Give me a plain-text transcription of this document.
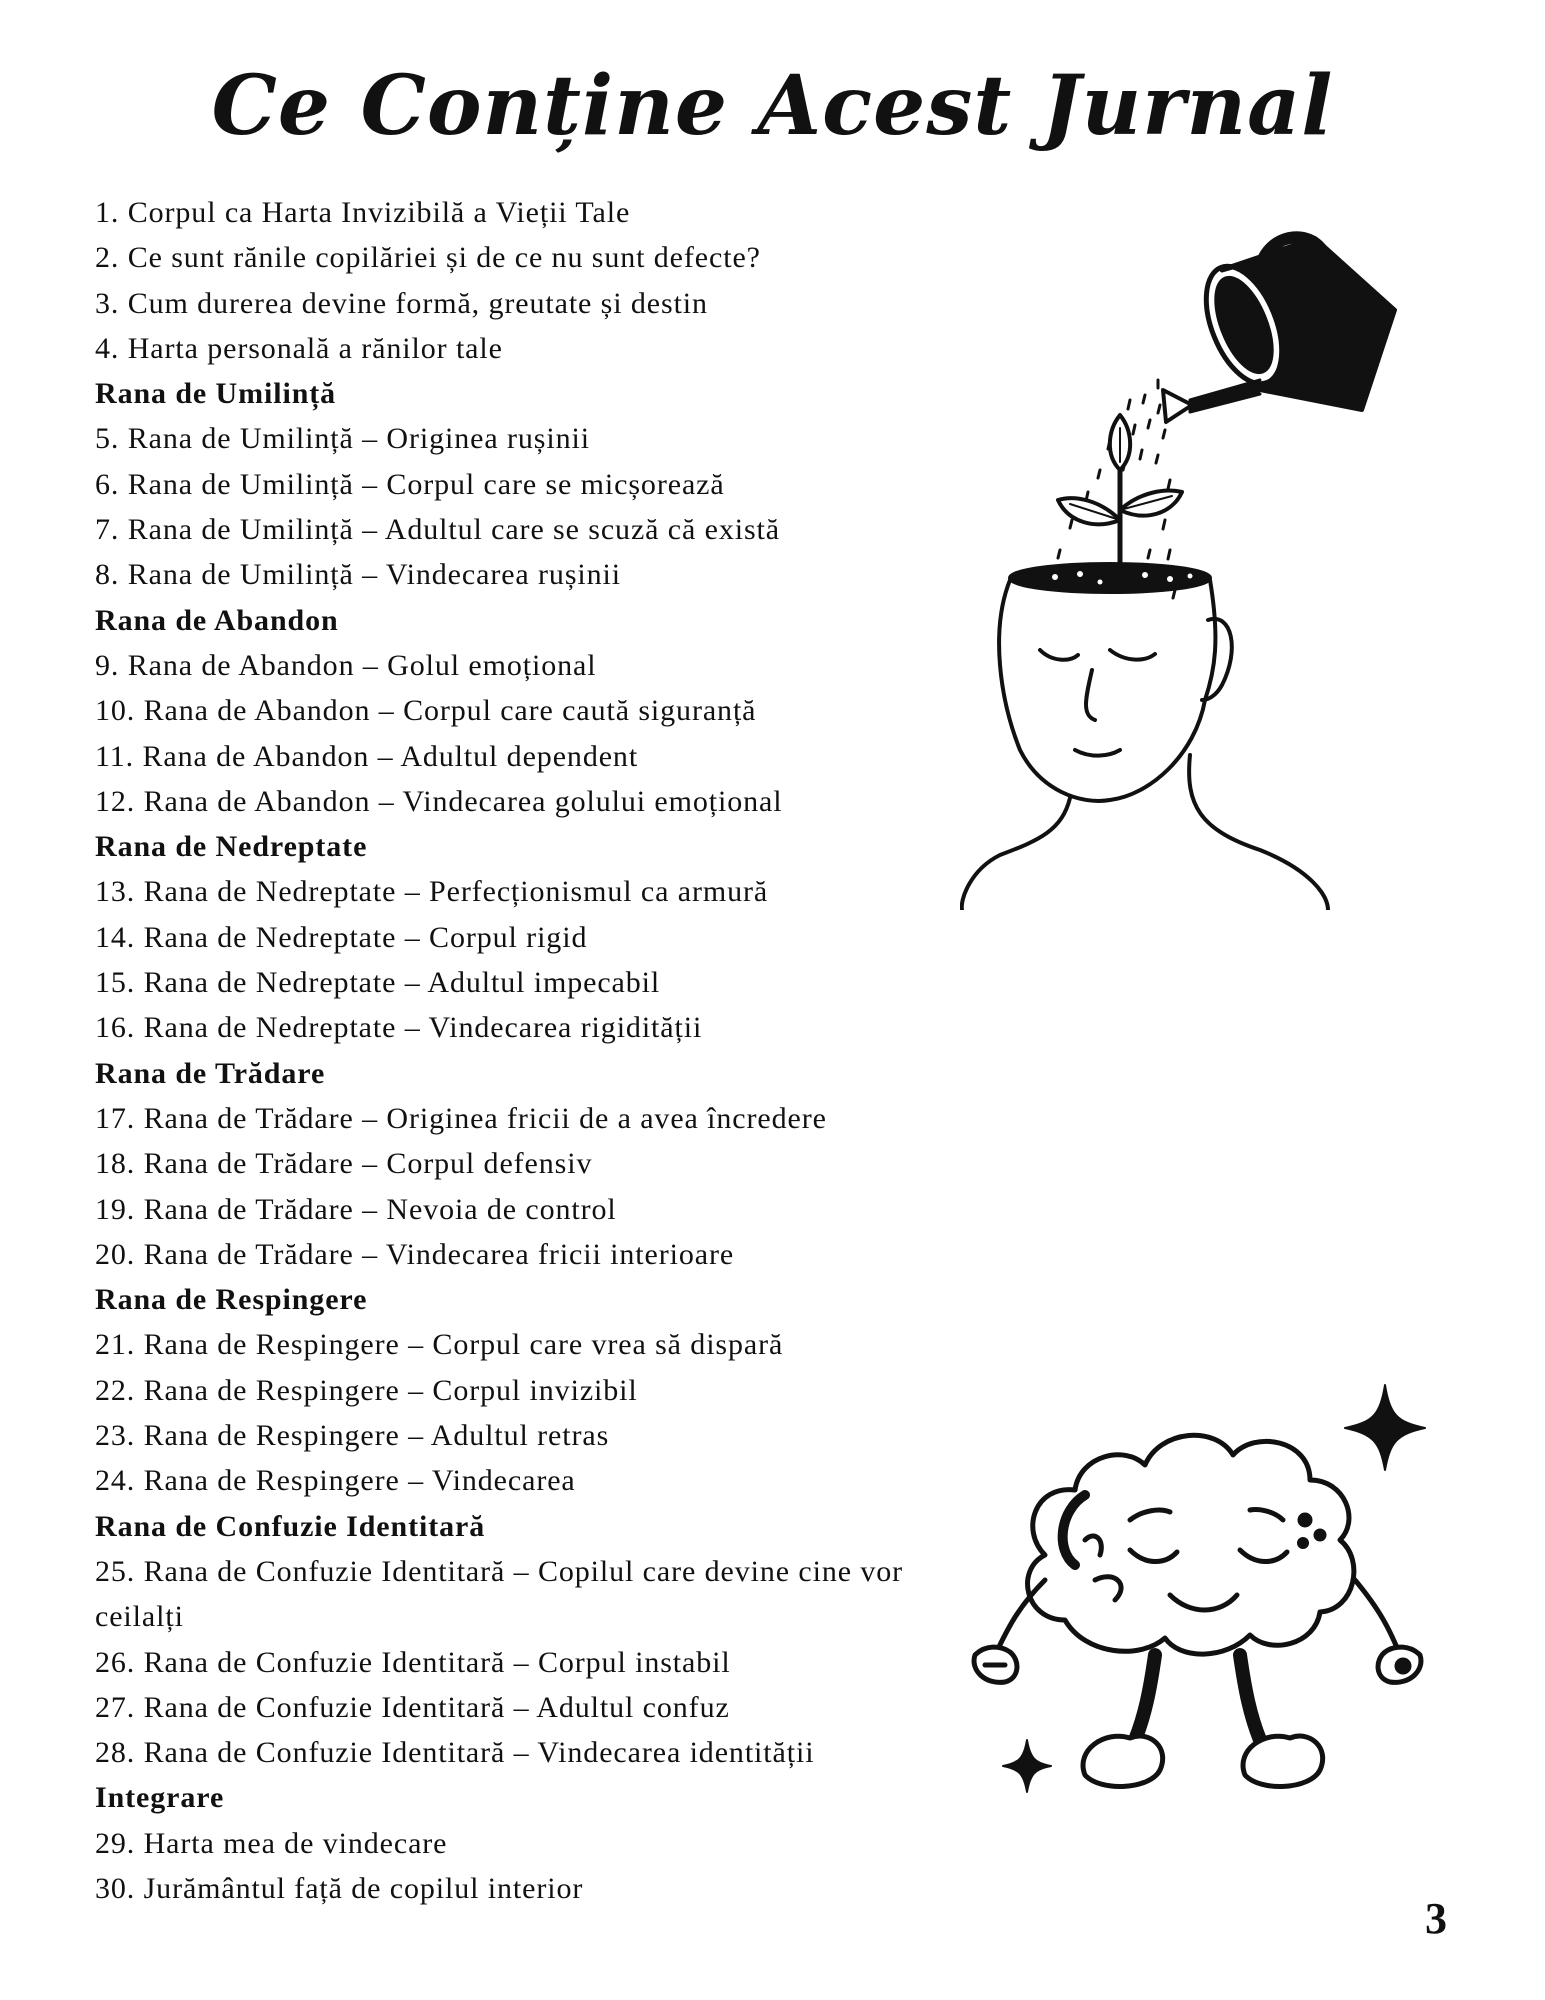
Ce Conține Acest Jurnal
1. Corpul ca Harta Invizibilă a Vieții Tale
2. Ce sunt rănile copilăriei și de ce nu sunt defecte?
3. Cum durerea devine formă, greutate și destin
4. Harta personală a rănilor tale
Rana de Umilință
5. Rana de Umilință – Originea rușinii
6. Rana de Umilință – Corpul care se micșorează
7. Rana de Umilință – Adultul care se scuză că există
8. Rana de Umilință – Vindecarea rușinii
Rana de Abandon
9. Rana de Abandon – Golul emoțional
10. Rana de Abandon – Corpul care caută siguranță
11. Rana de Abandon – Adultul dependent
12. Rana de Abandon – Vindecarea golului emoțional
Rana de Nedreptate
13. Rana de Nedreptate – Perfecționismul ca armură
14. Rana de Nedreptate – Corpul rigid
15. Rana de Nedreptate – Adultul impecabil
16. Rana de Nedreptate – Vindecarea rigidității
Rana de Trădare
17. Rana de Trădare – Originea fricii de a avea încredere
18. Rana de Trădare – Corpul defensiv
19. Rana de Trădare – Nevoia de control
20. Rana de Trădare – Vindecarea fricii interioare
Rana de Respingere
21. Rana de Respingere – Corpul care vrea să dispară
22. Rana de Respingere – Corpul invizibil
23. Rana de Respingere – Adultul retras
24. Rana de Respingere – Vindecarea
Rana de Confuzie Identitară
25. Rana de Confuzie Identitară – Copilul care devine cine vor
ceilalți
26. Rana de Confuzie Identitară – Corpul instabil
27. Rana de Confuzie Identitară – Adultul confuz
28. Rana de Confuzie Identitară – Vindecarea identității
Integrare
29. Harta mea de vindecare
30. Jurământul față de copilul interior
3
